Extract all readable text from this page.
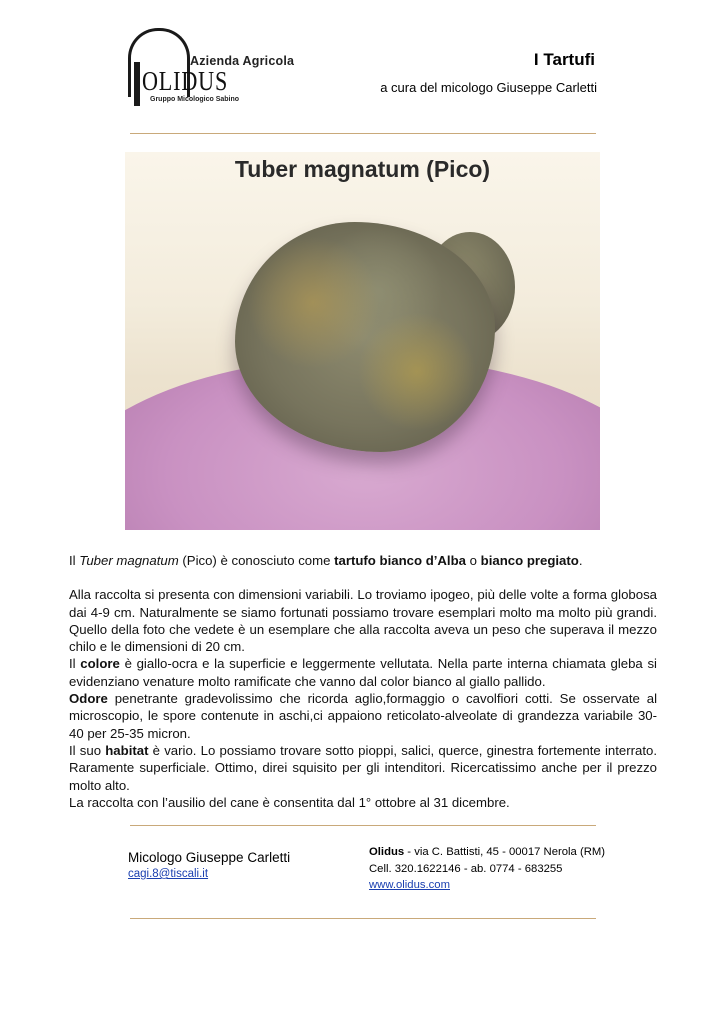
Azienda Agricola
OLIDUS
Gruppo Micologico Sabino
I Tartufi
a cura del micologo Giuseppe Carletti
Tuber magnatum (Pico)

Il Tuber magnatum (Pico) è conosciuto come tartufo bianco d’Alba o bianco pregiato.

Alla raccolta si presenta con dimensioni variabili. Lo troviamo ipogeo, più delle volte a forma globosa dai 4-9 cm. Naturalmente se siamo fortunati possiamo trovare esemplari molto ma molto più grandi. Quello della foto che vedete è un esemplare che alla raccolta aveva un peso che superava il mezzo chilo e le dimensioni di 20 cm.

Il colore è giallo-ocra e la superficie e leggermente vellutata. Nella parte interna chiamata gleba si evidenziano venature molto ramificate che vanno dal color bianco al giallo pallido.

Odore penetrante gradevolissimo che ricorda aglio,formaggio o cavolfiori cotti. Se osservate al microscopio, le spore contenute in aschi,ci appaiono reticolato-alveolate di grandezza variabile 30-40 per 25-35 micron.

Il suo habitat è vario. Lo possiamo trovare sotto pioppi, salici, querce, ginestra fortemente interrato. Raramente superficiale. Ottimo, direi squisito per gli intenditori. Ricercatissimo anche per il prezzo molto alto.

La raccolta con l’ausilio del cane è consentita dal 1° ottobre al 31 dicembre.

Micologo Giuseppe Carletti
cagi.8@tiscali.it
Olidus - via C. Battisti, 45 - 00017 Nerola (RM)
Cell. 320.1622146 - ab. 0774 - 683255
www.olidus.com
